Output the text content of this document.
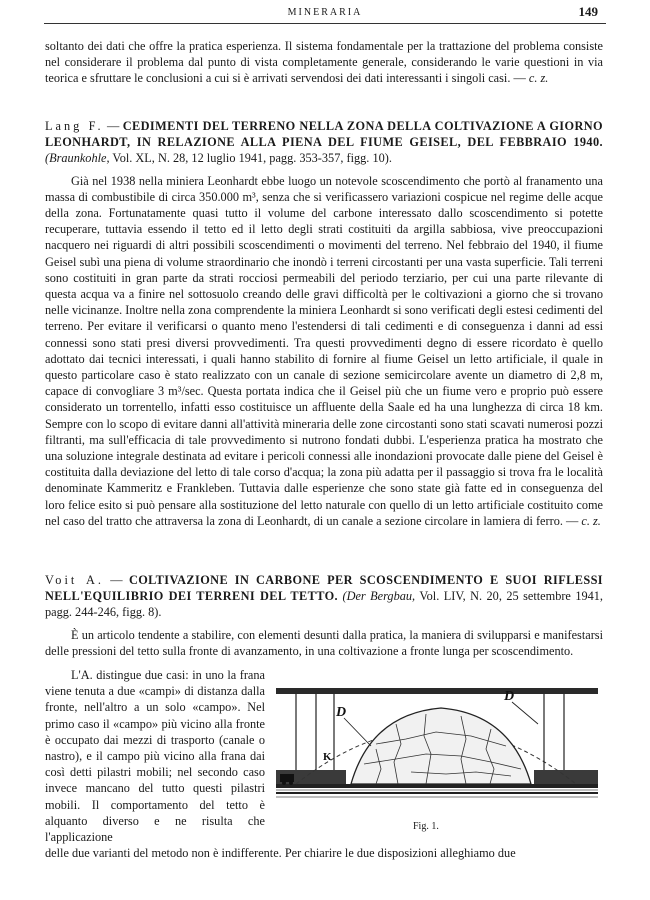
MINERARIA	149

soltanto dei dati che offre la pratica esperienza. Il sistema fondamentale per la trattazione del problema consiste nel considerare il problema dal punto di vista completamente generale, considerando le varie questioni in via teorica e sfruttare le conclusioni a cui si è arrivati servendosi dei dati interessanti i singoli casi. — c. z.

Lang F. — CEDIMENTI DEL TERRENO NELLA ZONA DELLA COLTIVAZIONE A GIORNO LEONHARDT, IN RELAZIONE ALLA PIENA DEL FIUME GEISEL, DEL FEBBRAIO 1940. (Braunkohle, Vol. XL, N. 28, 12 luglio 1941, pagg. 353-357, figg. 10).

Già nel 1938 nella miniera Leonhardt ebbe luogo un notevole scoscendimento che portò al franamento una massa di combustibile di circa 350.000 m³, senza che si verificassero variazioni cospicue nel regime delle acque della zona. Fortunatamente quasi tutto il volume del carbone interessato dallo scoscendimento si potette recuperare, tuttavia essendo il tetto ed il letto degli strati costituiti da argilla sabbiosa, vive preoccupazioni nacquero nei riguardi di altri possibili scoscendimenti o movimenti del terreno. Nel febbraio del 1940, il fiume Geisel subì una piena di volume straordinario che inondò i terreni circostanti per una vasta superficie. Tali terreni sono costituiti in gran parte da strati rocciosi permeabili del periodo terziario, per cui una parte rilevante di questa acqua va a finire nel sottosuolo creando delle gravi difficoltà per le coltivazioni a giorno che si trovano nelle vicinanze. Inoltre nella zona comprendente la miniera Leonhardt si sono verificati degli estesi cedimenti del terreno. Per evitare il verificarsi o quanto meno l'estendersi di tali cedimenti e di conseguenza i danni ad essi connessi sono stati presi diversi provvedimenti. Tra questi provvedimenti degno di essere ricordato è quello adottato dai tecnici interessati, i quali hanno stabilito di fornire al fiume Geisel un letto artificiale, il quale in questo particolare caso è stato realizzato con un canale di sezione semicircolare avente un diametro di 2,8 m, capace di convogliare 3 m³/sec. Questa portata indica che il Geisel più che un fiume vero e proprio può essere considerato un torrentello, infatti esso costituisce un affluente della Saale ed ha una lunghezza di circa 18 km. Sempre con lo scopo di evitare danni all'attività mineraria delle zone circostanti sono stati scavati numerosi pozzi filtranti, ma sull'efficacia di tale provvedimento si nutrono fondati dubbi. L'esperienza pratica ha mostrato che una soluzione integrale destinata ad evitare i pericoli connessi alle inondazioni provocate dalle piene del Geisel è costituita dalla deviazione del letto di tale corso d'acqua; la zona più adatta per il passaggio si trova fra le località denominate Kammeritz e Frankleben. Tuttavia dalle esperienze che sono state già fatte ed in conseguenza del loro felice esito si può pensare alla sostituzione del letto naturale con quello di un letto artificiale costituito come nel caso del tratto che attraversa la zona di Leonhardt, di un canale a sezione circolare in lamiera di ferro. — c. z.

Voit A. — COLTIVAZIONE IN CARBONE PER SCOSCENDIMENTO E SUOI RIFLESSI NELL'EQUILIBRIO DEI TERRENI DEL TETTO. (Der Bergbau, Vol. LIV, N. 20, 25 settembre 1941, pagg. 244-246, figg. 8).

È un articolo tendente a stabilire, con elementi desunti dalla pratica, la maniera di svilupparsi e manifestarsi delle pressioni del tetto sulla fronte di avanzamento, in una coltivazione a fronte lunga per scoscendimento.

L'A. distingue due casi: in uno la frana viene tenuta a due «campi» di distanza dalla fronte, nell'altro a un solo «campo». Nel primo caso il «campo» più vicino alla fronte è occupato dai mezzi di trasporto (canale o nastro), e il campo più vicino alla frana dai così detti pilastri mobili; nel secondo caso invece mancano del tutto questi pilastri mobili. Il comportamento del tetto è alquanto diverso e ne risulta che l'applicazione

D
D
K
Fig. 1.
delle due varianti del metodo non è indifferente. Per chiarire le due disposizioni alleghiamo due
